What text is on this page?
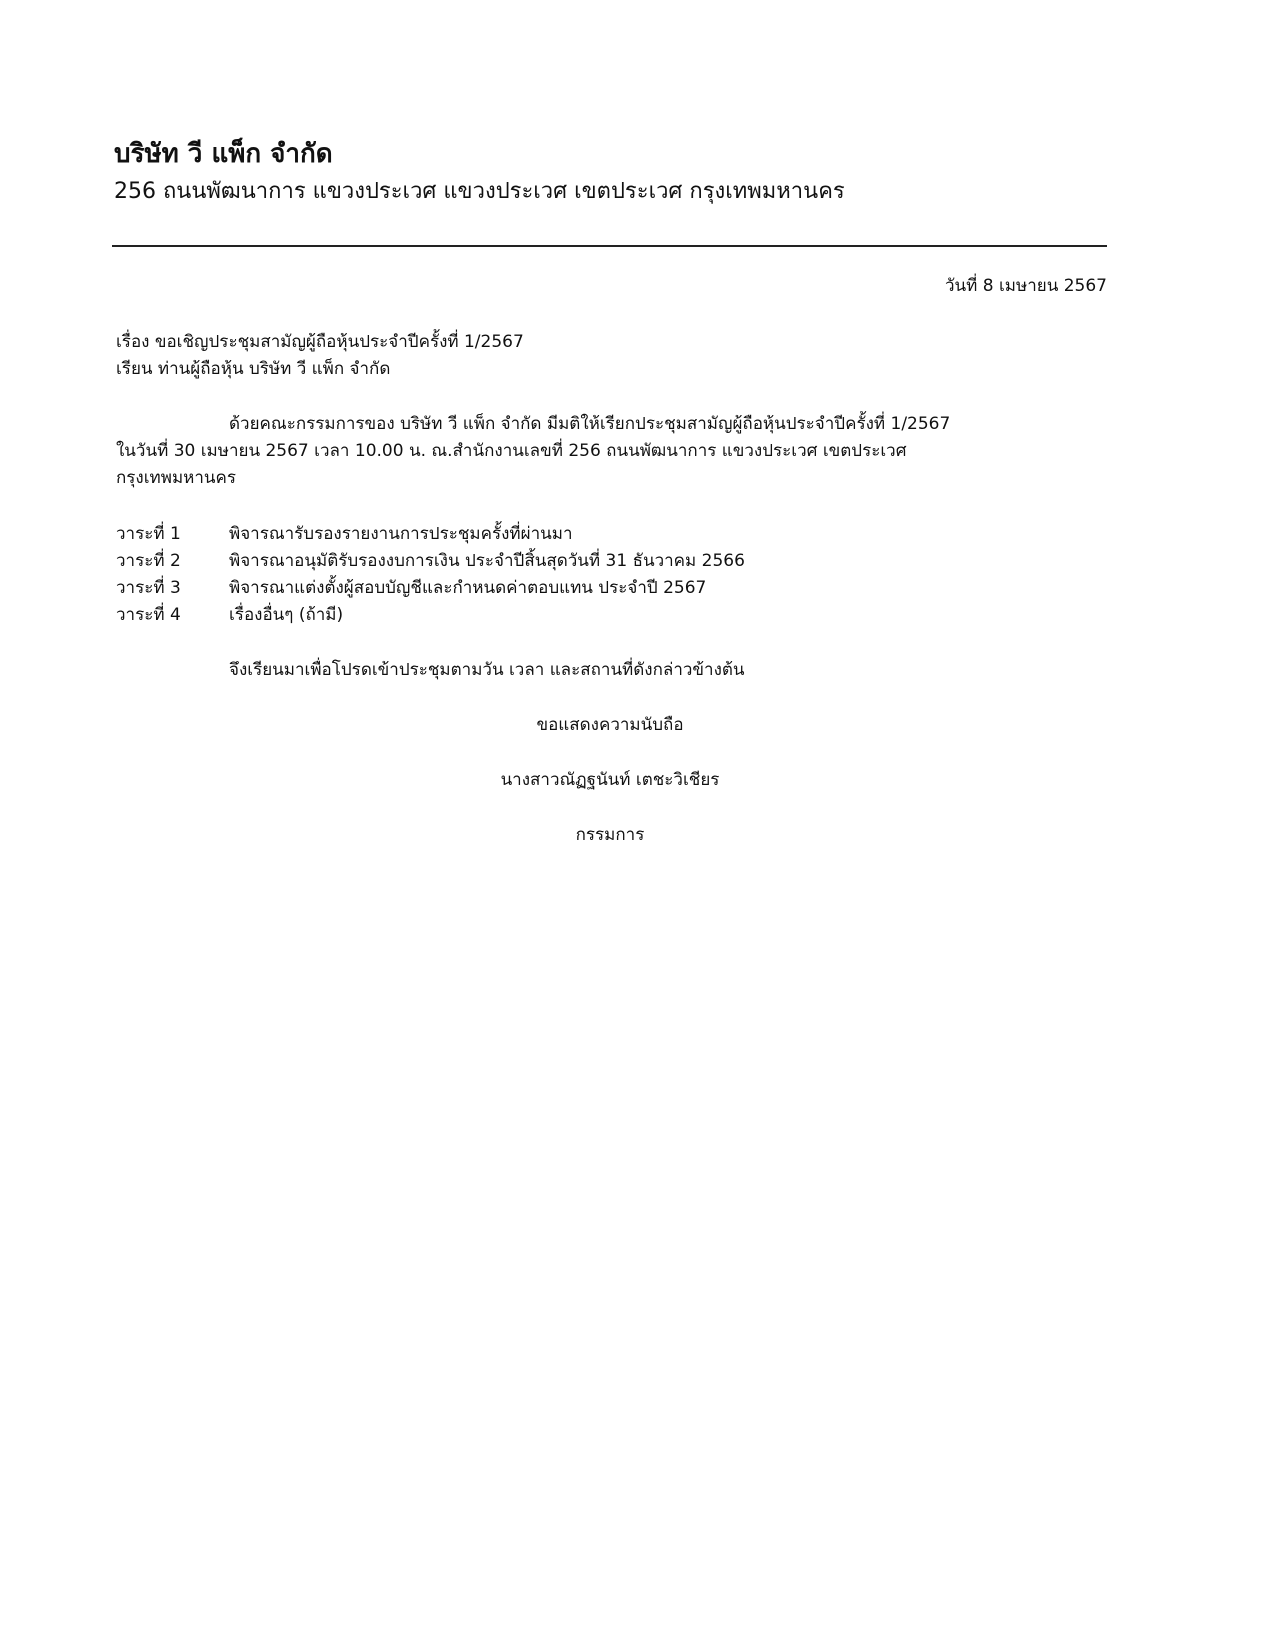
บริษัท วี แพ็ก จำกัด
256 ถนนพัฒนาการ แขวงประเวศ แขวงประเวศ เขตประเวศ กรุงเทพมหานคร
วันที่ 8 เมษายน 2567
เรื่อง ขอเชิญประชุมสามัญผู้ถือหุ้นประจำปีครั้งที่ 1/2567
เรียน ท่านผู้ถือหุ้น บริษัท วี แพ็ก จำกัด
ด้วยคณะกรรมการของ บริษัท วี แพ็ก จำกัด มีมติให้เรียกประชุมสามัญผู้ถือหุ้นประจำปีครั้งที่ 1/2567
ในวันที่ 30 เมษายน 2567 เวลา 10.00 น. ณ.สำนักงานเลขที่ 256 ถนนพัฒนาการ แขวงประเวศ เขตประเวศ
กรุงเทพมหานคร
วาระที่ 1	พิจารณารับรองรายงานการประชุมครั้งที่ผ่านมา
วาระที่ 2	พิจารณาอนุมัติรับรองงบการเงิน ประจำปีสิ้นสุดวันที่ 31 ธันวาคม 2566
วาระที่ 3	พิจารณาแต่งตั้งผู้สอบบัญชีและกำหนดค่าตอบแทน ประจำปี 2567
วาระที่ 4	เรื่องอื่นๆ (ถ้ามี)
จึงเรียนมาเพื่อโปรดเข้าประชุมตามวัน เวลา และสถานที่ดังกล่าวข้างต้น
ขอแสดงความนับถือ
นางสาวณัฏฐนันท์ เตชะวิเชียร
กรรมการ
